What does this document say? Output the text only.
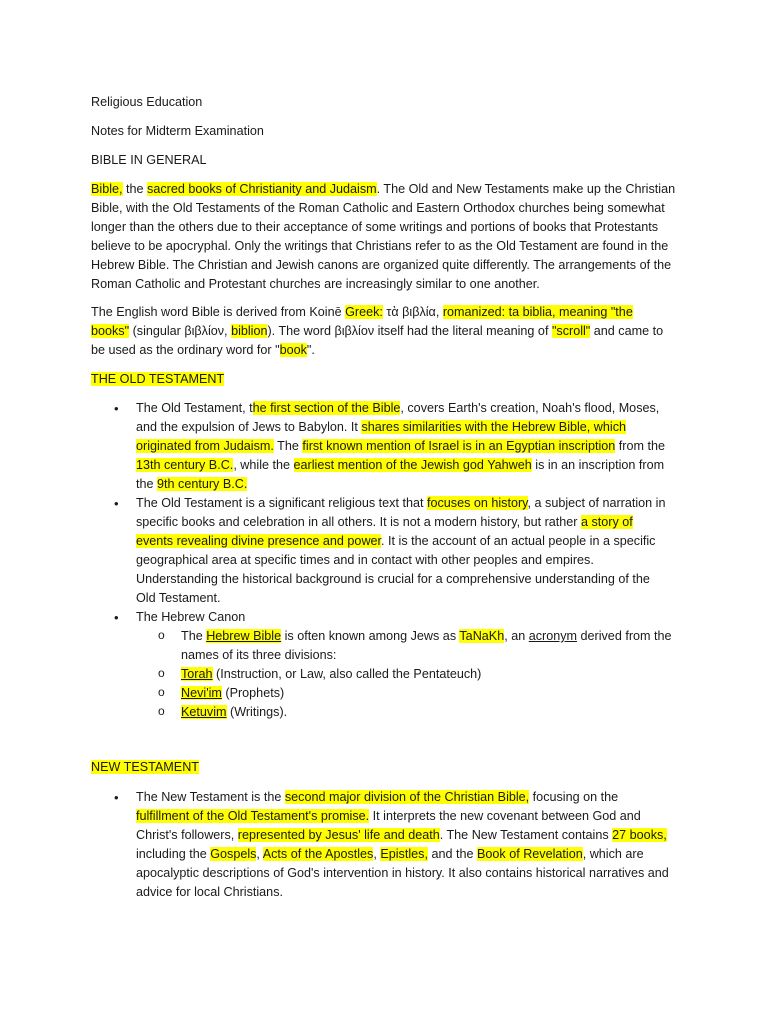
Religious Education
Notes for Midterm Examination
BIBLE IN GENERAL
Bible, the sacred books of Christianity and Judaism. The Old and New Testaments make up the Christian
Bible, with the Old Testaments of the Roman Catholic and Eastern Orthodox churches being somewhat
longer than the others due to their acceptance of some writings and portions of books that Protestants
believe to be apocryphal. Only the writings that Christians refer to as the Old Testament are found in the
Hebrew Bible. The Christian and Jewish canons are organized quite differently. The arrangements of the
Roman Catholic and Protestant churches are increasingly similar to one another.
The English word Bible is derived from Koinē Greek: τὰ βιβλία, romanized: ta biblia, meaning "the
books" (singular βιβλίον, biblion). The word βιβλίον itself had the literal meaning of "scroll" and came to
be used as the ordinary word for "book".
THE OLD TESTAMENT
• The Old Testament, the first section of the Bible, covers Earth's creation, Noah's flood, Moses,
and the expulsion of Jews to Babylon. It shares similarities with the Hebrew Bible, which
originated from Judaism. The first known mention of Israel is in an Egyptian inscription from the
13th century B.C., while the earliest mention of the Jewish god Yahweh is in an inscription from
the 9th century B.C.
• The Old Testament is a significant religious text that focuses on history, a subject of narration in
specific books and celebration in all others. It is not a modern history, but rather a story of
events revealing divine presence and power. It is the account of an actual people in a specific
geographical area at specific times and in contact with other peoples and empires.
Understanding the historical background is crucial for a comprehensive understanding of the
Old Testament.
• The Hebrew Canon
o The Hebrew Bible is often known among Jews as TaNaKh, an acronym derived from the
names of its three divisions:
o Torah (Instruction, or Law, also called the Pentateuch)
o Nevi'im (Prophets)
o Ketuvim (Writings).
NEW TESTAMENT
• The New Testament is the second major division of the Christian Bible, focusing on the
fulfillment of the Old Testament's promise. It interprets the new covenant between God and
Christ's followers, represented by Jesus' life and death. The New Testament contains 27 books,
including the Gospels, Acts of the Apostles, Epistles, and the Book of Revelation, which are
apocalyptic descriptions of God's intervention in history. It also contains historical narratives and
advice for local Christians.
